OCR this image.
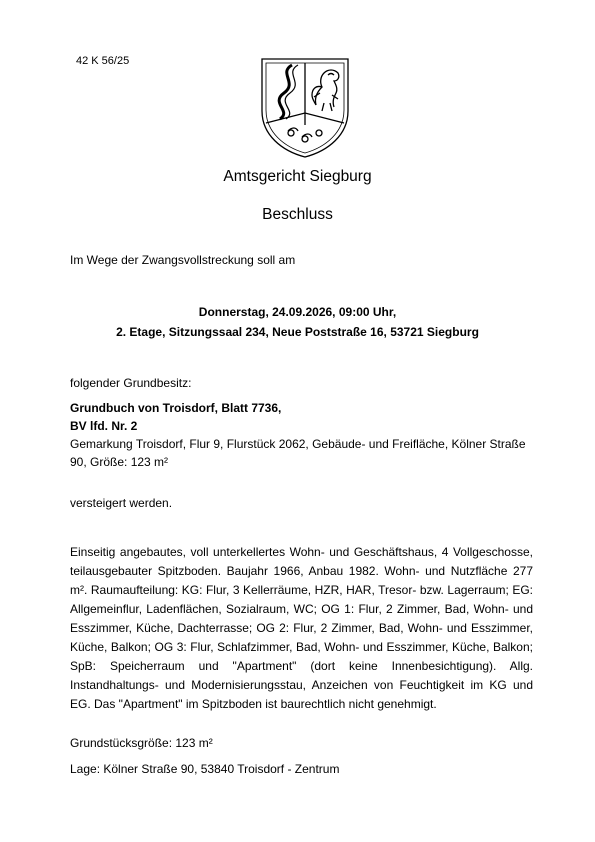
42 K 56/25
Amtsgericht Siegburg
Beschluss
Im Wege der Zwangsvollstreckung soll am
Donnerstag, 24.09.2026, 09:00 Uhr,
2. Etage, Sitzungssaal 234, Neue Poststraße 16, 53721 Siegburg
folgender Grundbesitz:
Grundbuch von Troisdorf, Blatt 7736,
BV lfd. Nr. 2
Gemarkung Troisdorf, Flur 9, Flurstück 2062, Gebäude- und Freifläche, Kölner Straße 90, Größe: 123 m²
versteigert werden.
Einseitig angebautes, voll unterkellertes Wohn- und Geschäftshaus, 4 Vollgeschosse, teilausgebauter Spitzboden. Baujahr 1966, Anbau 1982. Wohn- und Nutzfläche 277 m². Raumaufteilung: KG: Flur, 3 Kellerräume, HZR, HAR, Tresor- bzw. Lagerraum; EG: Allgemeinflur, Ladenflächen, Sozialraum, WC; OG 1: Flur, 2 Zimmer, Bad, Wohn- und Esszimmer, Küche, Dachterrasse; OG 2: Flur, 2 Zimmer, Bad, Wohn- und Esszimmer, Küche, Balkon; OG 3: Flur, Schlafzimmer, Bad, Wohn- und Esszimmer, Küche, Balkon; SpB: Speicherraum und "Apartment" (dort keine Innenbesichtigung). Allg. Instandhaltungs- und Modernisierungsstau, Anzeichen von Feuchtigkeit im KG und EG. Das "Apartment" im Spitzboden ist baurechtlich nicht genehmigt.
Grundstücksgröße: 123 m²
Lage: Kölner Straße 90, 53840 Troisdorf - Zentrum
